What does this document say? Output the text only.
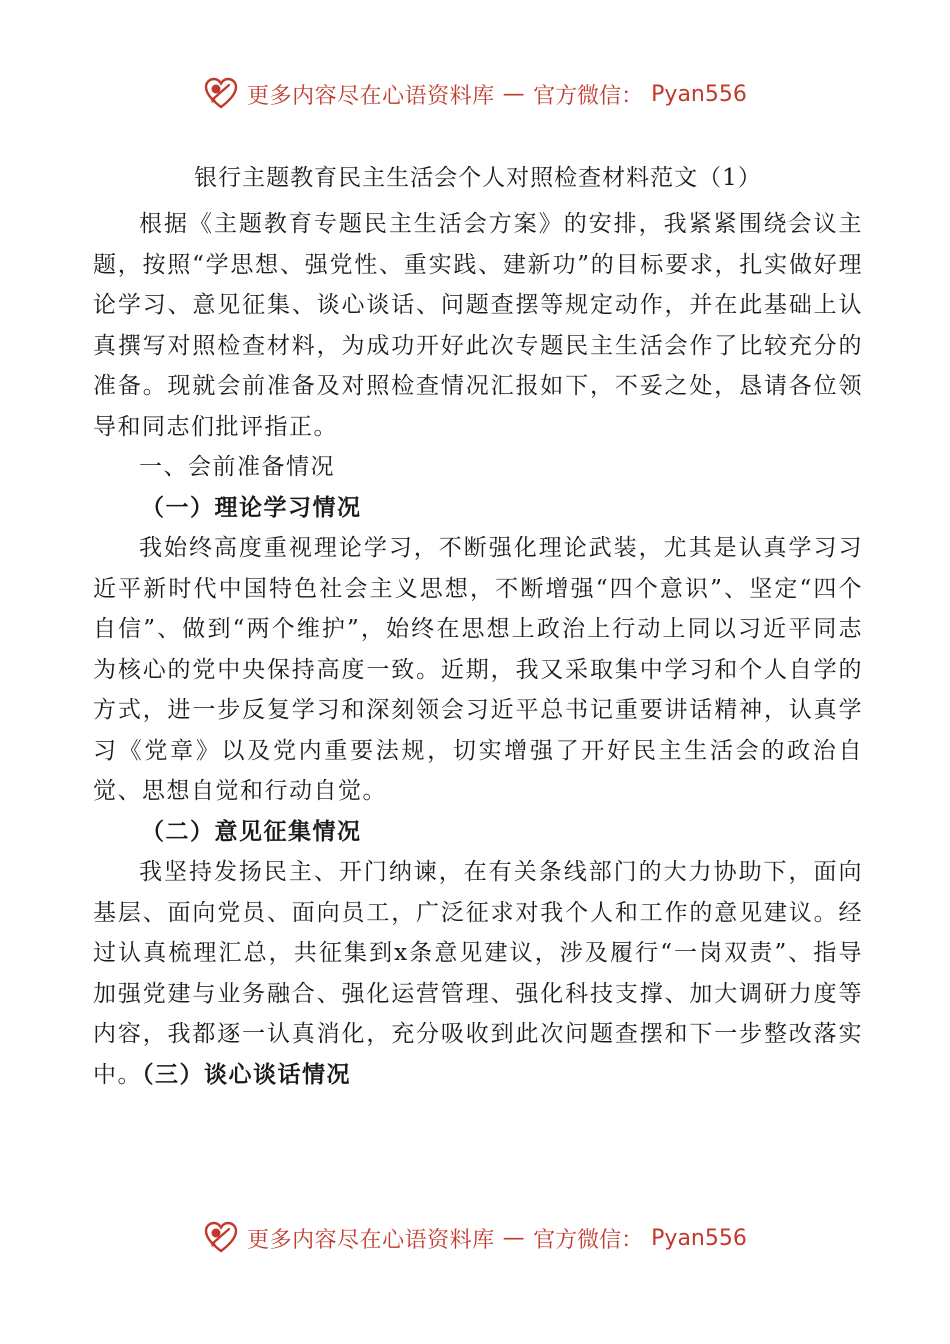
更多内容尽在心语资料库 — 官方微信： Pyan556

银行主题教育民主生活会个人对照检查材料范文（1）

根据《主题教育专题民主生活会方案》的安排，我紧紧围绕会议主题，按照“学思想、强党性、重实践、建新功”的目标要求，扎实做好理论学习、意见征集、谈心谈话、问题查摆等规定动作，并在此基础上认真撰写对照检查材料，为成功开好此次专题民主生活会作了比较充分的准备。现就会前准备及对照检查情况汇报如下，不妥之处，恳请各位领导和同志们批评指正。

一、会前准备情况

（一）理论学习情况

我始终高度重视理论学习，不断强化理论武装，尤其是认真学习习近平新时代中国特色社会主义思想，不断增强“四个意识”、坚定“四个自信”、做到“两个维护”，始终在思想上政治上行动上同以习近平同志为核心的党中央保持高度一致。近期，我又采取集中学习和个人自学的方式，进一步反复学习和深刻领会习近平总书记重要讲话精神，认真学习《党章》以及党内重要法规，切实增强了开好民主生活会的政治自觉、思想自觉和行动自觉。

（二）意见征集情况

我坚持发扬民主、开门纳谏，在有关条线部门的大力协助下，面向基层、面向党员、面向员工，广泛征求对我个人和工作的意见建议。经过认真梳理汇总，共征集到x条意见建议，涉及履行“一岗双责”、指导加强党建与业务融合、强化运营管理、强化科技支撑、加大调研力度等内容，我都逐一认真消化，充分吸收到此次问题查摆和下一步整改落实中。（三）谈心谈话情况

更多内容尽在心语资料库 — 官方微信： Pyan556
